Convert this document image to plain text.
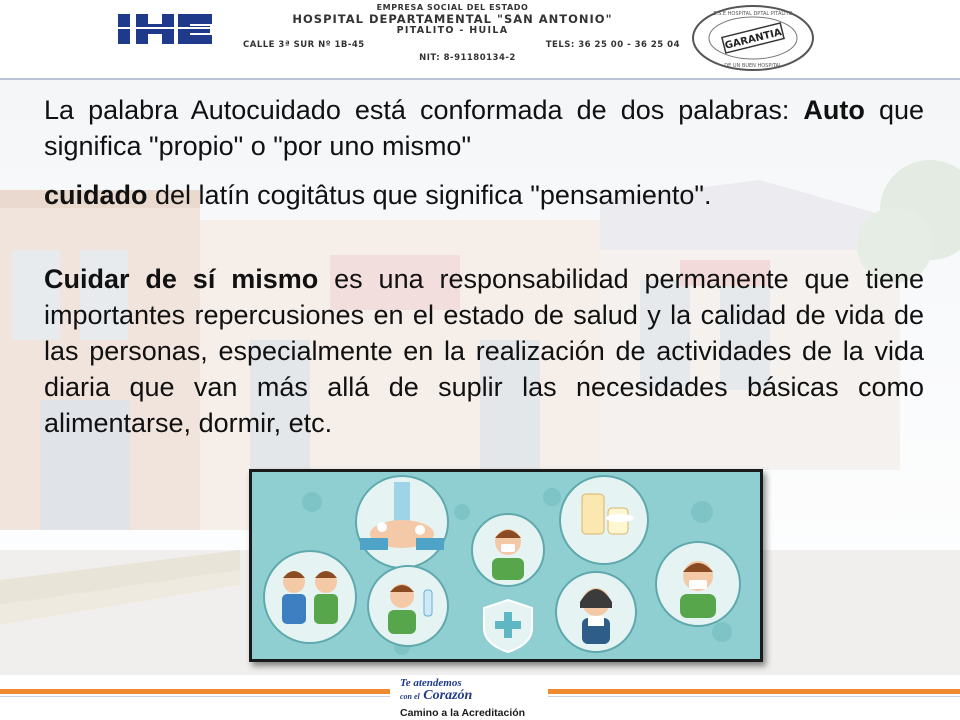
EMPRESA SOCIAL DEL ESTADO
HOSPITAL DEPARTAMENTAL "SAN ANTONIO"
PITALITO - HUILA
CALLE 3ª SUR Nº 1B-45	TELS: 36 25 00 - 36 25 04
NIT: 8-91180134-2
GARANTIA
E.S.E HOSPITAL DPTAL PITALITO
DE UN BUEN HOSPITAL

La palabra Autocuidado está conformada de dos palabras: Auto que significa "propio" o "por uno mismo"

cuidado del latín cogitâtus que significa "pensamiento".

Cuidar de sí mismo es una responsabilidad permanente que tiene importantes repercusiones en el estado de salud y la calidad de vida de las personas, especialmente en la realización de actividades de la vida diaria que van más allá de suplir las necesidades básicas como alimentarse, dormir, etc.

Te atendemos
con el Corazón
Camino a la Acreditación
